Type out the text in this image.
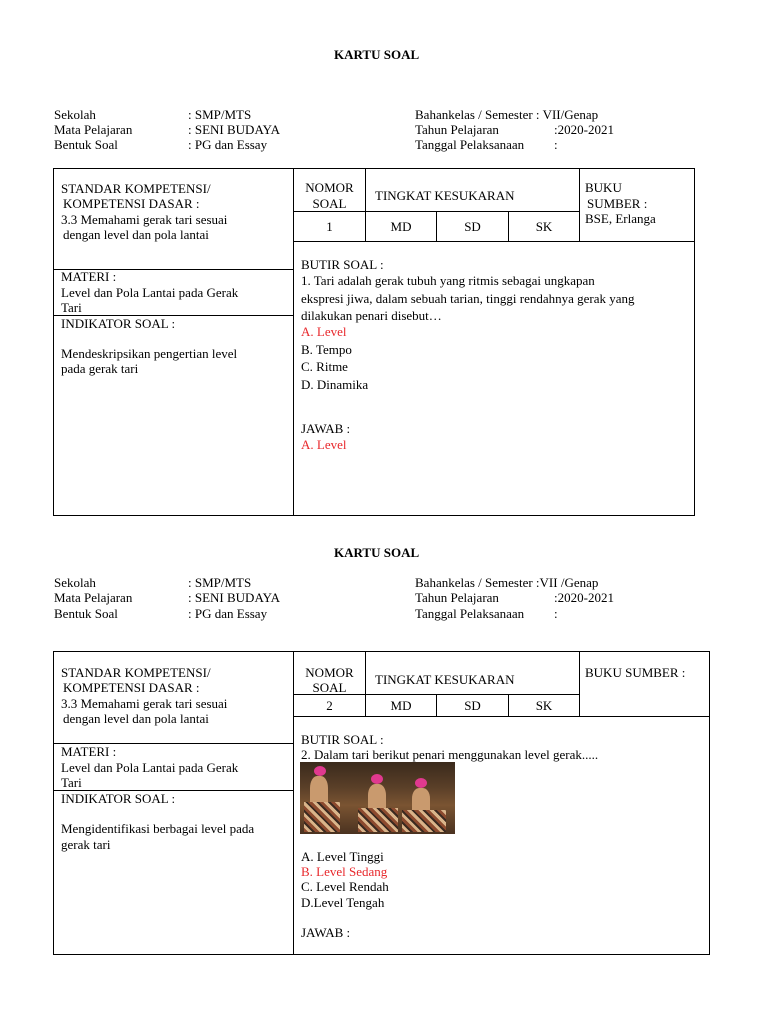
KARTU SOAL
Sekolah	: SMP/MTS
Mata Pelajaran	: SENI BUDAYA
Bentuk Soal	: PG dan Essay
Bahankelas / Semester : VII/Genap
Tahun Pelajaran	:2020-2021
Tanggal Pelaksanaan :
STANDAR KOMPETENSI/
KOMPETENSI DASAR :
3.3 Memahami gerak tari sesuai
dengan level dan pola lantai
MATERI :
Level dan Pola Lantai pada Gerak
Tari
INDIKATOR SOAL :
Mendeskripsikan pengertian level
pada gerak tari
NOMOR
SOAL
TINGKAT KESUKARAN
BUKU
SUMBER :
BSE, Erlanga
1	MD	SD	SK
BUTIR SOAL :
1. Tari adalah gerak tubuh yang ritmis sebagai ungkapan
ekspresi jiwa, dalam sebuah tarian, tinggi rendahnya gerak yang
dilakukan penari disebut…
A. Level
B. Tempo
C. Ritme
D. Dinamika
JAWAB :
A. Level
KARTU SOAL
Sekolah	: SMP/MTS
Mata Pelajaran	: SENI BUDAYA
Bentuk Soal	: PG dan Essay
Bahankelas / Semester :VII /Genap
Tahun Pelajaran	:2020-2021
Tanggal Pelaksanaan :
STANDAR KOMPETENSI/
KOMPETENSI DASAR :
3.3 Memahami gerak tari sesuai
dengan level dan pola lantai
MATERI :
Level dan Pola Lantai pada Gerak
Tari
INDIKATOR SOAL :
Mengidentifikasi berbagai level pada
gerak tari
NOMOR
SOAL
TINGKAT KESUKARAN	BUKU SUMBER :
2	MD	SD	SK
BUTIR SOAL :
2. Dalam tari berikut penari menggunakan level gerak.....
A. Level Tinggi
B. Level Sedang
C. Level Rendah
D.Level Tengah
JAWAB :
